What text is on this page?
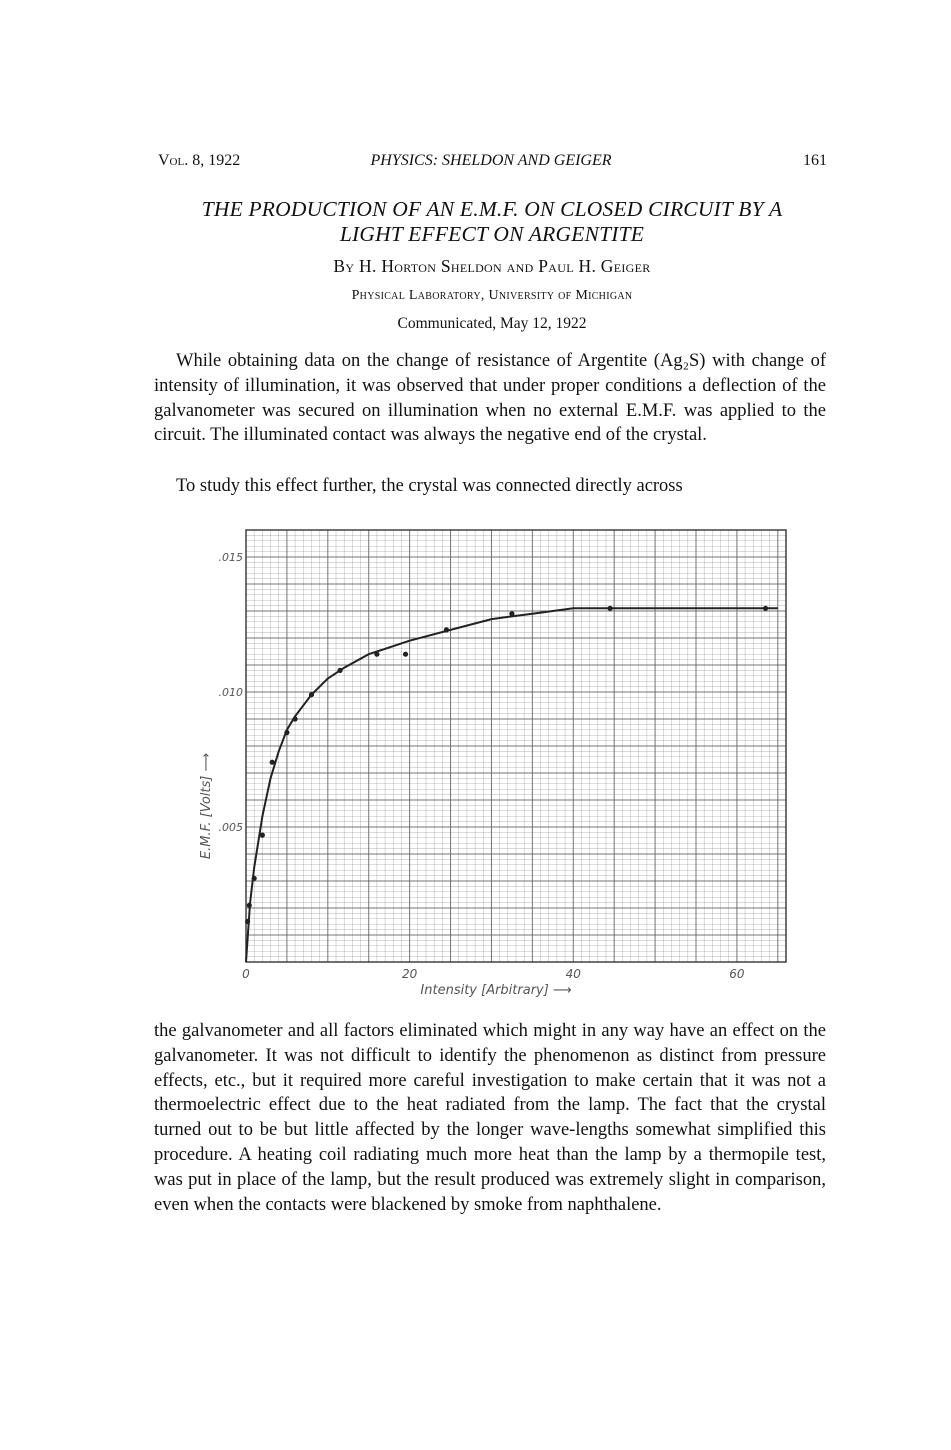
Vol. 8, 1922	PHYSICS: SHELDON AND GEIGER	161
THE PRODUCTION OF AN E.M.F. ON CLOSED CIRCUIT BY A
LIGHT EFFECT ON ARGENTITE
By H. Horton Sheldon and Paul H. Geiger
Physical Laboratory, University of Michigan
Communicated, May 12, 1922

While obtaining data on the change of resistance of Argentite (Ag₂S) with change of intensity of illumination, it was observed that under proper conditions a deflection of the galvanometer was secured on illumination when no external E.M.F. was applied to the circuit. The illuminated contact was always the negative end of the crystal.

To study this effect further, the crystal was connected directly across

0	20	40	60
.005
.010
.015
Intensity [Arbitrary] ⟶
E.M.F. [Volts] ⟶

the galvanometer and all factors eliminated which might in any way have an effect on the galvanometer. It was not difficult to identify the phenomenon as distinct from pressure effects, etc., but it required more careful investigation to make certain that it was not a thermoelectric effect due to the heat radiated from the lamp. The fact that the crystal turned out to be but little affected by the longer wave-lengths somewhat simplified this procedure. A heating coil radiating much more heat than the lamp by a thermopile test, was put in place of the lamp, but the result produced was extremely slight in comparison, even when the contacts were blackened by smoke from naphthalene.
